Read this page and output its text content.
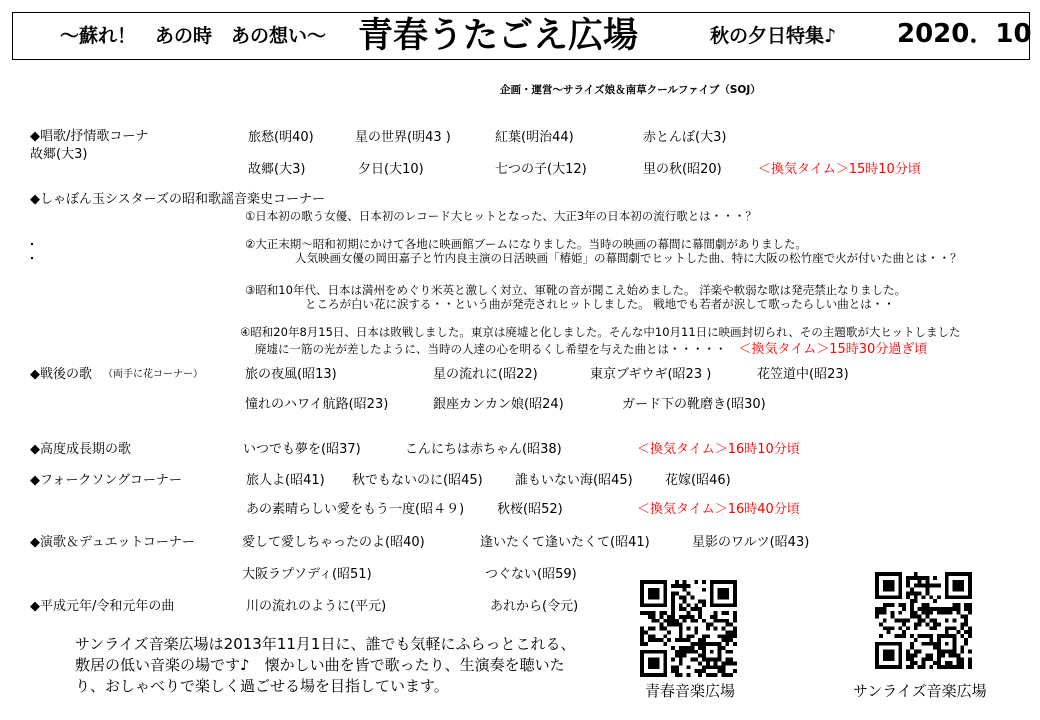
～蘇れ！　あの時　あの想い～ 青春うたごえ広場	秋の夕日特集♪ 2020．10
企画・運営～サライズ娘＆南草クールファイブ（SOJ）
◆唱歌/抒情歌コーナ
故郷(大3)
旅愁(明40)	星の世界(明43 )	紅葉(明治44)	赤とんぼ(大3)
故郷(大3)	夕日(大10)	七つの子(大12)	里の秋(昭20)	＜換気タイム＞15時10分頃
◆しゃぼん玉シスターズの昭和歌謡音楽史コーナー
①日本初の歌う女優、日本初のレコード大ヒットとなった、大正3年の日本初の流行歌とは・・・？
②大正末期～昭和初期にかけて各地に映画館ブームになりました。当時の映画の幕間に幕間劇がありました。
人気映画女優の岡田嘉子と竹内良主演の日活映画「椿姫」の幕間劇でヒットした曲、特に大阪の松竹座で火が付いた曲とは・・？
③昭和10年代、日本は満州をめぐり米英と激しく対立、軍靴の音が聞こえ始めました。 洋楽や軟弱な歌は発売禁止なりました。
ところが白い花に涙する・・という曲が発売されヒットしました。 戦地でも若者が涙して歌ったらしい曲とは・・
④昭和20年8月15日、日本は敗戦しました。東京は廃墟と化しました。そんな中10月11日に映画封切られ、その主題歌が大ヒットしました
廃墟に一筋の光が差したように、当時の人達の心を明るくし希望を与えた曲とは・・・・・ ＜換気タイム＞15時30分過ぎ頃
◆戦後の歌 （両手に花コーナー）	旅の夜風(昭13)	星の流れに(昭22)	東京ブギウギ(昭23 )	花笠道中(昭23)
憧れのハワイ航路(昭23)	銀座カンカン娘(昭24)	ガード下の靴磨き(昭30)
◆高度成長期の歌	いつでも夢を(昭37)	こんにちは赤ちゃん(昭38)	＜換気タイム＞16時10分頃
◆フォークソングコーナー	旅人よ(昭41) 秋でもないのに(昭45) 誰もいない海(昭45) 花嫁(昭46)
あの素晴らしい愛をもう一度(昭４９)	秋桜(昭52)	＜換気タイム＞16時40分頃
◆演歌＆デュエットコーナー	愛して愛しちゃったのよ(昭40)	逢いたくて逢いたくて(昭41)	星影のワルツ(昭43)
大阪ラプソディ(昭51)	つぐない(昭59)
◆平成元年/令和元年の曲	川の流れのように(平元)	あれから(令元)
サンライズ音楽広場は2013年11月1日に、誰でも気軽にふらっとこれる、
敷居の低い音楽の場です♪　懐かしい曲を皆で歌ったり、生演奏を聴いた
り、おしゃべりで楽しく過ごせる場を目指しています。	青春音楽広場	サンライズ音楽広場
